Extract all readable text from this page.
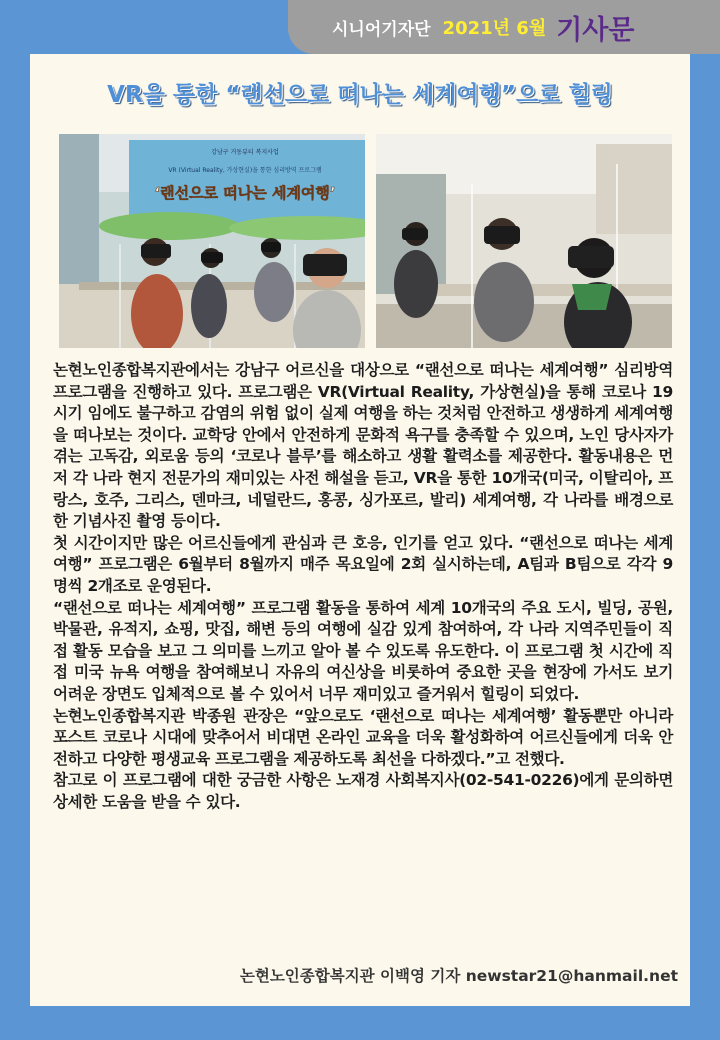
시니어기자단 2021년 6월 기사문
VR을 통한 “랜선으로 떠나는 세계여행”으로 힐링
강남구 거동뷰티 복지사업
VR (Virtual Reality, 가상현실)을 통한 심리방역 프로그램
‘랜선으로 떠나는 세계여행’

논현노인종합복지관에서는 강남구 어르신을 대상으로 “랜선으로 떠나는 세계여행” 심리방역 프로그램을 진행하고 있다. 프로그램은 VR(Virtual Reality, 가상현실)을 통해 코로나 19시기 임에도 불구하고 감염의 위험 없이 실제 여행을 하는 것처럼 안전하고 생생하게 세계여행을 떠나보는 것이다. 교학당 안에서 안전하게 문화적 욕구를 충족할 수 있으며, 노인 당사자가 겪는 고독감, 외로움 등의 ‘코로나 블루’를 해소하고 생활 활력소를 제공한다. 활동내용은 먼저 각 나라 현지 전문가의 재미있는 사전 해설을 듣고, VR을 통한 10개국(미국, 이탈리아, 프랑스, 호주, 그리스, 덴마크, 네덜란드, 홍콩, 싱가포르, 발리) 세계여행, 각 나라를 배경으로 한 기념사진 촬영 등이다.

첫 시간이지만 많은 어르신들에게 관심과 큰 호응, 인기를 얻고 있다. “랜선으로 떠나는 세계여행” 프로그램은 6월부터 8월까지 매주 목요일에 2회 실시하는데, A팀과 B팀으로 각각 9명씩 2개조로 운영된다.

“랜선으로 떠나는 세계여행” 프로그램 활동을 통하여 세계 10개국의 주요 도시, 빌딩, 공원, 박물관, 유적지, 쇼핑, 맛집, 해변 등의 여행에 실감 있게 참여하여, 각 나라 지역주민들이 직접 활동 모습을 보고 그 의미를 느끼고 알아 볼 수 있도록 유도한다. 이 프로그램 첫 시간에 직접 미국 뉴욕 여행을 참여해보니 자유의 여신상을 비롯하여 중요한 곳을 현장에 가서도 보기 어려운 장면도 입체적으로 볼 수 있어서 너무 재미있고 즐거워서 힐링이 되었다.

논현노인종합복지관 박종원 관장은 “앞으로도 ‘랜선으로 떠나는 세계여행’ 활동뿐만 아니라 포스트 코로나 시대에 맞추어서 비대면 온라인 교육을 더욱 활성화하여 어르신들에게 더욱 안전하고 다양한 평생교육 프로그램을 제공하도록 최선을 다하겠다.”고 전했다.

참고로 이 프로그램에 대한 궁금한 사항은 노재경 사회복지사(02-541-0226)에게 문의하면 상세한 도움을 받을 수 있다.

논현노인종합복지관 이백영 기자 newstar21@hanmail.net
